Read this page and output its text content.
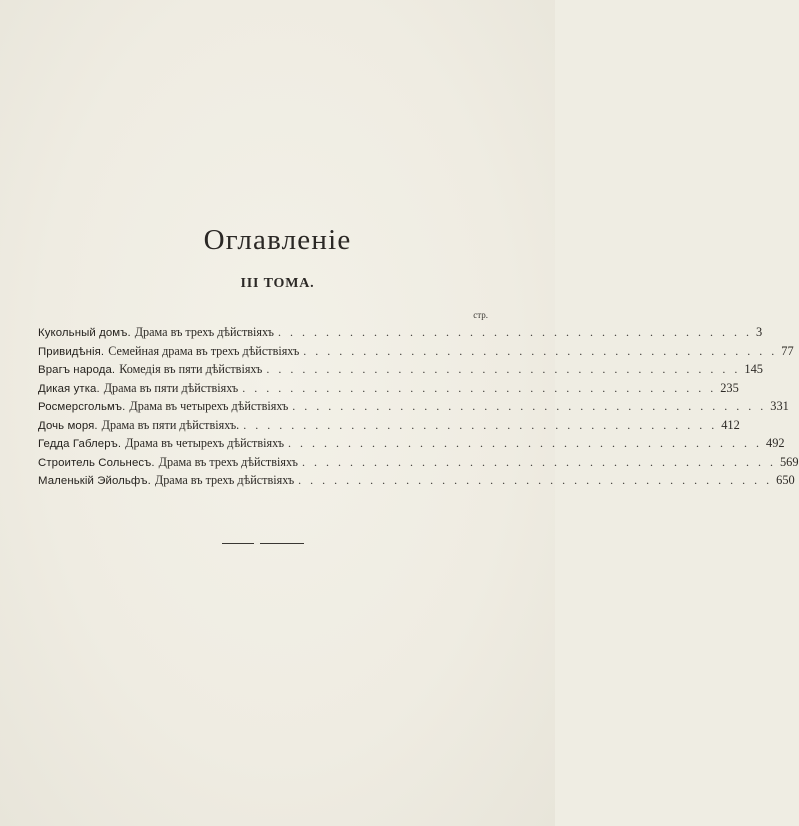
Оглавленіе
III ТОМА.
стр.
Кукольный домъ. Драма въ трехъ дѣйствіяхъ . . . . . . . . . . . . . . . . . . . . . . . . . . . . . . . . . . . . . . . . 3
Привидѣнія. Семейная драма въ трехъ дѣйствіяхъ . . . . . . . . . . . . . . . . . . . . . . . . . . . . . . . . . . . . . . . . 77
Врагъ народа. Комедія въ пяти дѣйствіяхъ . . . . . . . . . . . . . . . . . . . . . . . . . . . . . . . . . . . . . . . . 145
Дикая утка. Драма въ пяти дѣйствіяхъ . . . . . . . . . . . . . . . . . . . . . . . . . . . . . . . . . . . . . . . . 235
Росмерсгольмъ. Драма въ четырехъ дѣйствіяхъ . . . . . . . . . . . . . . . . . . . . . . . . . . . . . . . . . . . . . . . . 331
Дочь моря. Драма въ пяти дѣйствіяхъ. . . . . . . . . . . . . . . . . . . . . . . . . . . . . . . . . . . . . . . . . 412
Гедда Габлеръ. Драма въ четырехъ дѣйствіяхъ . . . . . . . . . . . . . . . . . . . . . . . . . . . . . . . . . . . . . . . . 492
Строитель Сольнесъ. Драма въ трехъ дѣйствіяхъ . . . . . . . . . . . . . . . . . . . . . . . . . . . . . . . . . . . . . . . . 569
Маленькій Эйольфъ. Драма въ трехъ дѣйствіяхъ . . . . . . . . . . . . . . . . . . . . . . . . . . . . . . . . . . . . . . . . 650
